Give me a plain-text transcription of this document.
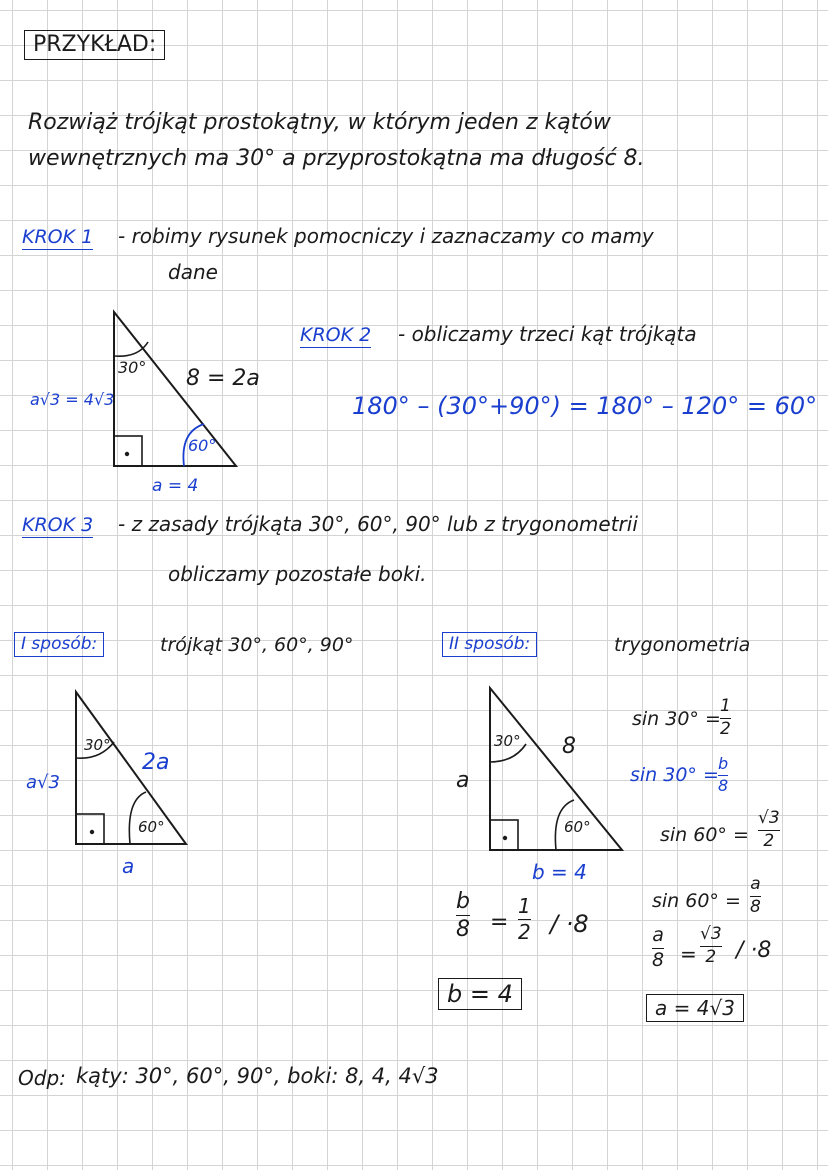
PRZYKŁAD:
Rozwiąż trójkąt prostokątny, w którym jeden z kątów
wewnętrznych ma 30° a przyprostokątna ma długość 8.
KROK 1 - robimy rysunek pomocniczy i zaznaczamy co mamy
dane
30°
60°
8 = 2a
a√3 = 4√3
a = 4
KROK 2 - obliczamy trzeci kąt trójkąta
180° – (30°+90°) = 180° – 120° = 60°
KROK 3 - z zasady trójkąta 30°, 60°, 90° lub z trygonometrii
obliczamy pozostałe boki.
I sposób:	trójkąt 30°, 60°, 90°
30°
60°
2a
a√3
a
II sposób:	trygonometria
30°
60°
8
a
b = 4
sin 30° =
1
2
sin 30° =
b
8
sin 60° =
√3
2
sin 60° =
a
8
a
8 =
√3
2 / ·8
a = 4√3
b
8 =
1
2 / ·8
b = 4
Odp: kąty: 30°, 60°, 90°, boki: 8, 4, 4√3
